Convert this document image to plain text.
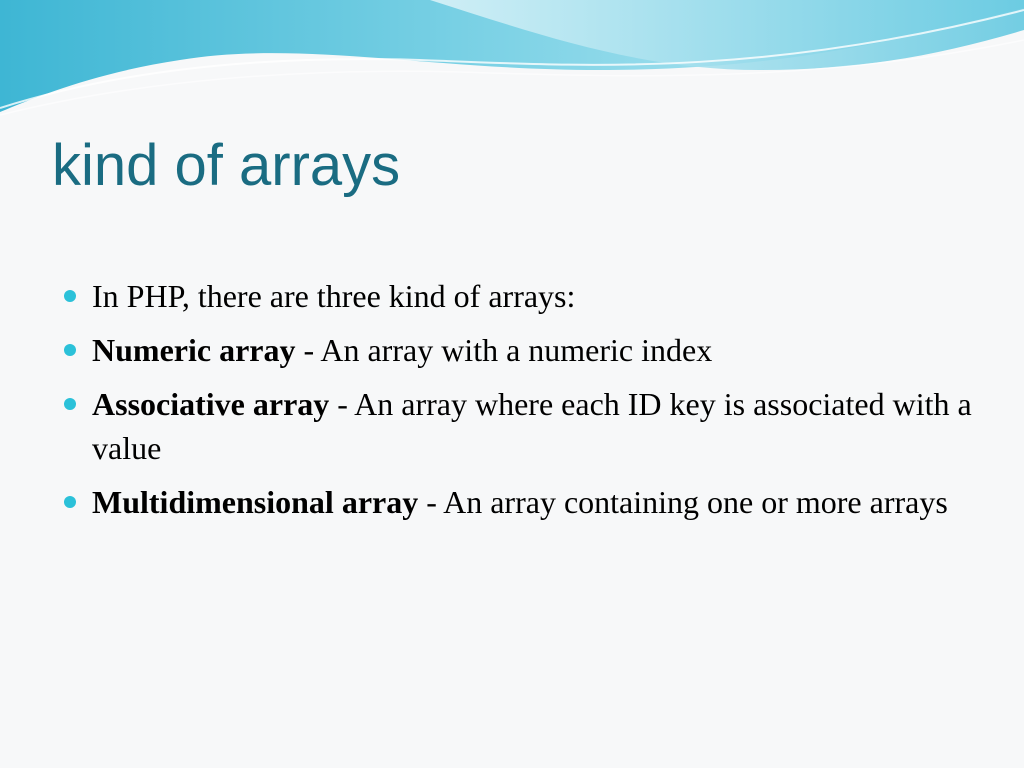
kind of arrays
In PHP, there are three kind of arrays:
Numeric array - An array with a numeric index
Associative array - An array where each ID key is associated with a value
Multidimensional array - An array containing one or more arrays
